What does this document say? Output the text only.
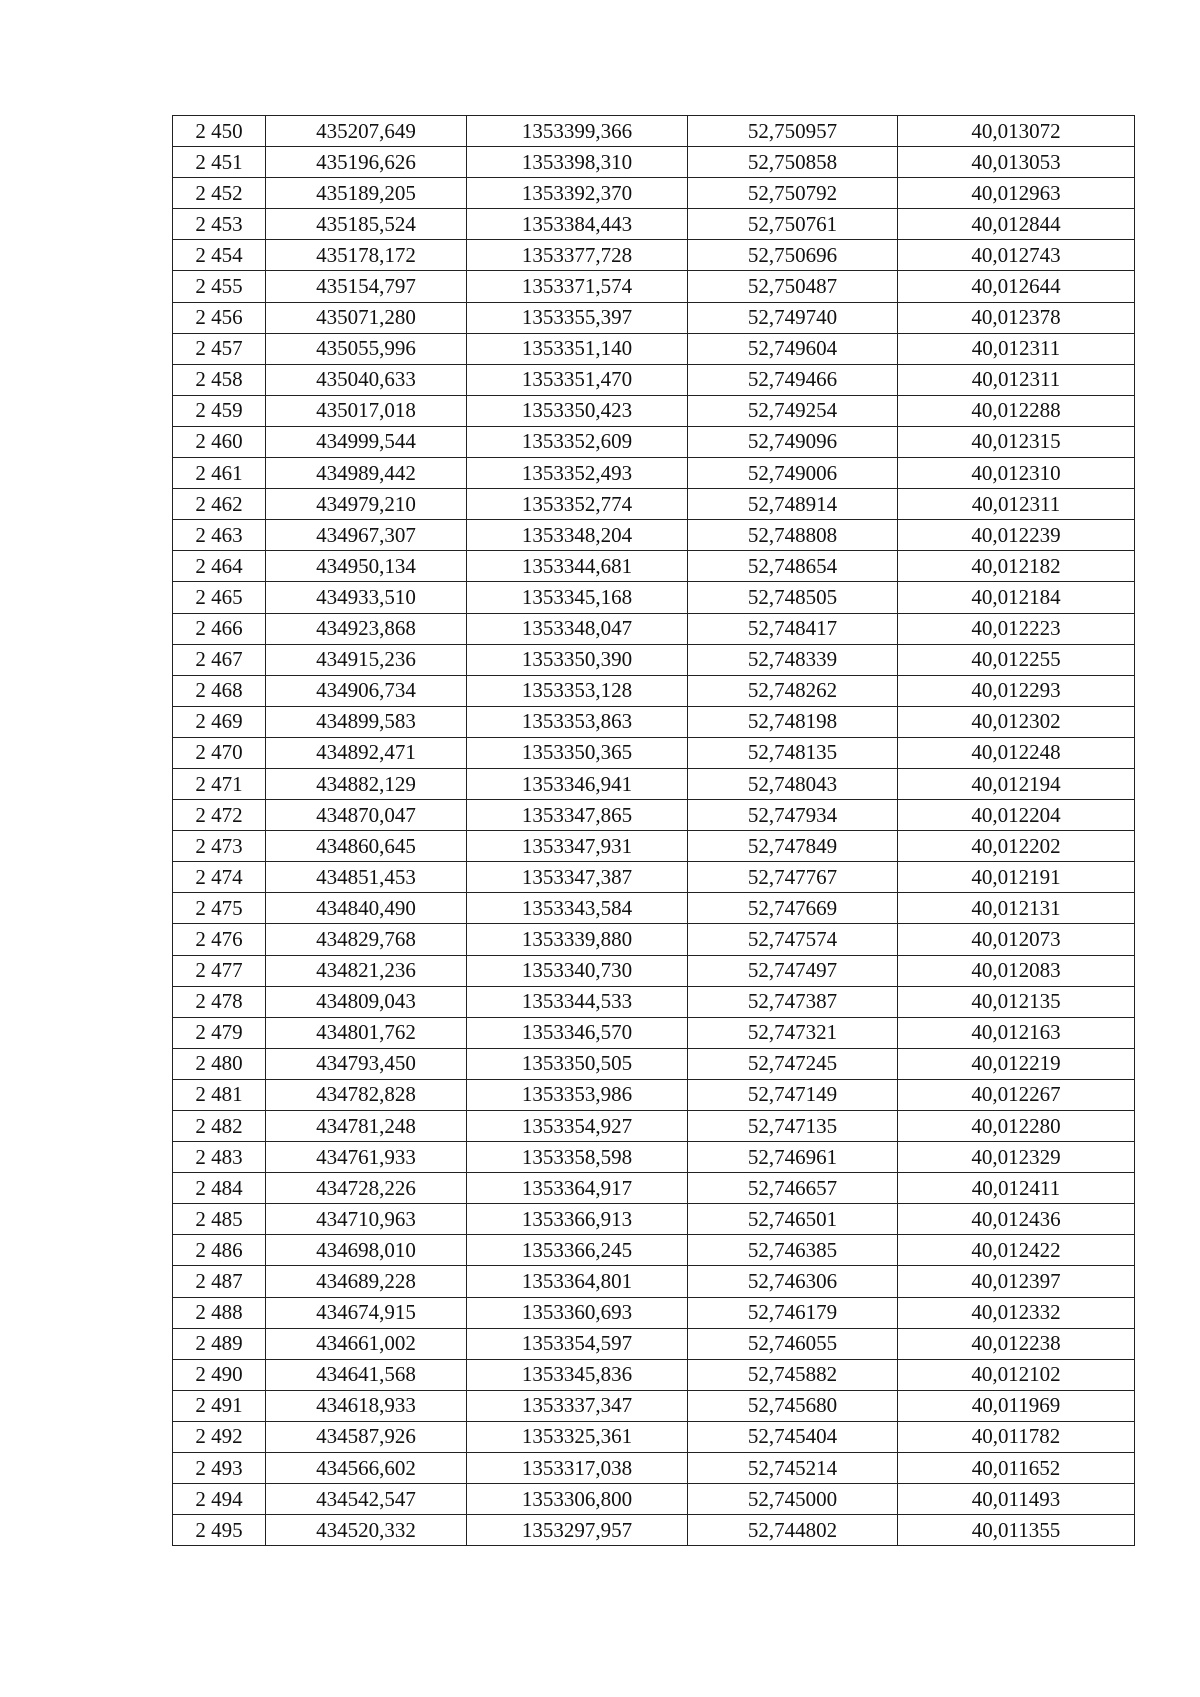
2 450	435207,649	1353399,366	52,750957	40,013072
2 451	435196,626	1353398,310	52,750858	40,013053
2 452	435189,205	1353392,370	52,750792	40,012963
2 453	435185,524	1353384,443	52,750761	40,012844
2 454	435178,172	1353377,728	52,750696	40,012743
2 455	435154,797	1353371,574	52,750487	40,012644
2 456	435071,280	1353355,397	52,749740	40,012378
2 457	435055,996	1353351,140	52,749604	40,012311
2 458	435040,633	1353351,470	52,749466	40,012311
2 459	435017,018	1353350,423	52,749254	40,012288
2 460	434999,544	1353352,609	52,749096	40,012315
2 461	434989,442	1353352,493	52,749006	40,012310
2 462	434979,210	1353352,774	52,748914	40,012311
2 463	434967,307	1353348,204	52,748808	40,012239
2 464	434950,134	1353344,681	52,748654	40,012182
2 465	434933,510	1353345,168	52,748505	40,012184
2 466	434923,868	1353348,047	52,748417	40,012223
2 467	434915,236	1353350,390	52,748339	40,012255
2 468	434906,734	1353353,128	52,748262	40,012293
2 469	434899,583	1353353,863	52,748198	40,012302
2 470	434892,471	1353350,365	52,748135	40,012248
2 471	434882,129	1353346,941	52,748043	40,012194
2 472	434870,047	1353347,865	52,747934	40,012204
2 473	434860,645	1353347,931	52,747849	40,012202
2 474	434851,453	1353347,387	52,747767	40,012191
2 475	434840,490	1353343,584	52,747669	40,012131
2 476	434829,768	1353339,880	52,747574	40,012073
2 477	434821,236	1353340,730	52,747497	40,012083
2 478	434809,043	1353344,533	52,747387	40,012135
2 479	434801,762	1353346,570	52,747321	40,012163
2 480	434793,450	1353350,505	52,747245	40,012219
2 481	434782,828	1353353,986	52,747149	40,012267
2 482	434781,248	1353354,927	52,747135	40,012280
2 483	434761,933	1353358,598	52,746961	40,012329
2 484	434728,226	1353364,917	52,746657	40,012411
2 485	434710,963	1353366,913	52,746501	40,012436
2 486	434698,010	1353366,245	52,746385	40,012422
2 487	434689,228	1353364,801	52,746306	40,012397
2 488	434674,915	1353360,693	52,746179	40,012332
2 489	434661,002	1353354,597	52,746055	40,012238
2 490	434641,568	1353345,836	52,745882	40,012102
2 491	434618,933	1353337,347	52,745680	40,011969
2 492	434587,926	1353325,361	52,745404	40,011782
2 493	434566,602	1353317,038	52,745214	40,011652
2 494	434542,547	1353306,800	52,745000	40,011493
2 495	434520,332	1353297,957	52,744802	40,011355
